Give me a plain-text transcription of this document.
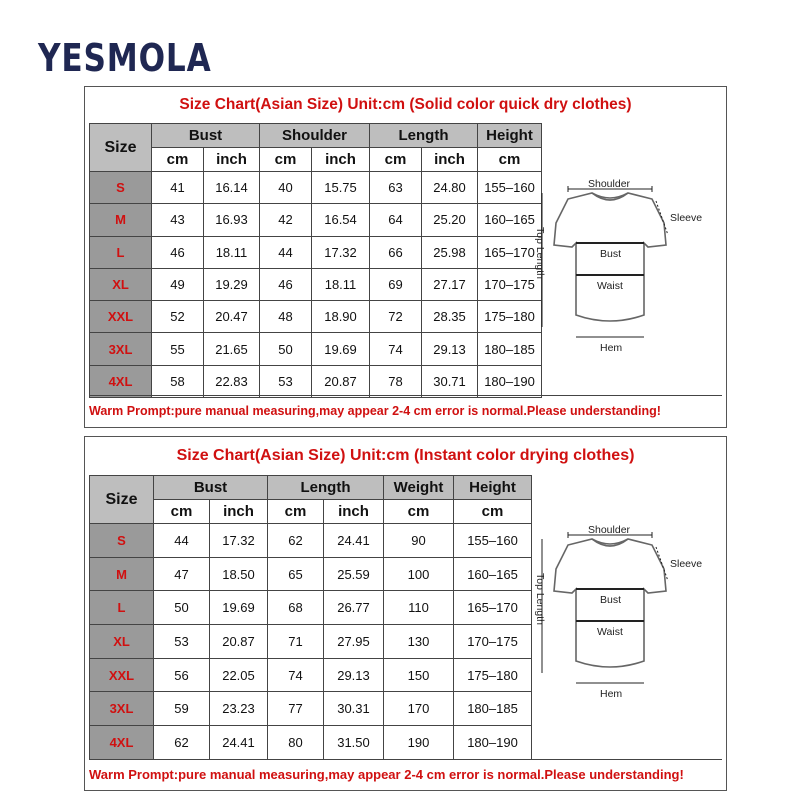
YESMOLA
Size Chart(Asian Size) Unit:cm (Solid color quick dry clothes)
Size	Bust		Shoulder		Length		Height
	cm	inch	cm	inch	cm	inch	cm
S	41	16.14	40	15.75	63	24.80	155–160
M	43	16.93	42	16.54	64	25.20	160–165
L	46	18.11	44	17.32	66	25.98	165–170
XL	49	19.29	46	18.11	69	27.17	170–175
XXL	52	20.47	48	18.90	72	28.35	175–180
3XL	55	21.65	50	19.69	74	29.13	180–185
4XL	58	22.83	53	20.87	78	30.71	180–190
Shoulder
Sleeve
Top Length	Bust
Waist
Hem
Warm Prompt:pure manual measuring,may appear 2-4 cm error is normal.Please understanding!
Size Chart(Asian Size) Unit:cm (Instant color drying clothes)
Size	Bust		Length		Weight	Height
	cm	inch	cm	inch	cm	cm
S	44	17.32	62	24.41	90	155–160
M	47	18.50	65	25.59	100	160–165
L	50	19.69	68	26.77	110	165–170
XL	53	20.87	71	27.95	130	170–175
XXL	56	22.05	74	29.13	150	175–180
3XL	59	23.23	77	30.31	170	180–185
4XL	62	24.41	80	31.50	190	180–190
Shoulder
Sleeve
Top Length	Bust
Waist
Hem
Warm Prompt:pure manual measuring,may appear 2-4 cm error is normal.Please understanding!
